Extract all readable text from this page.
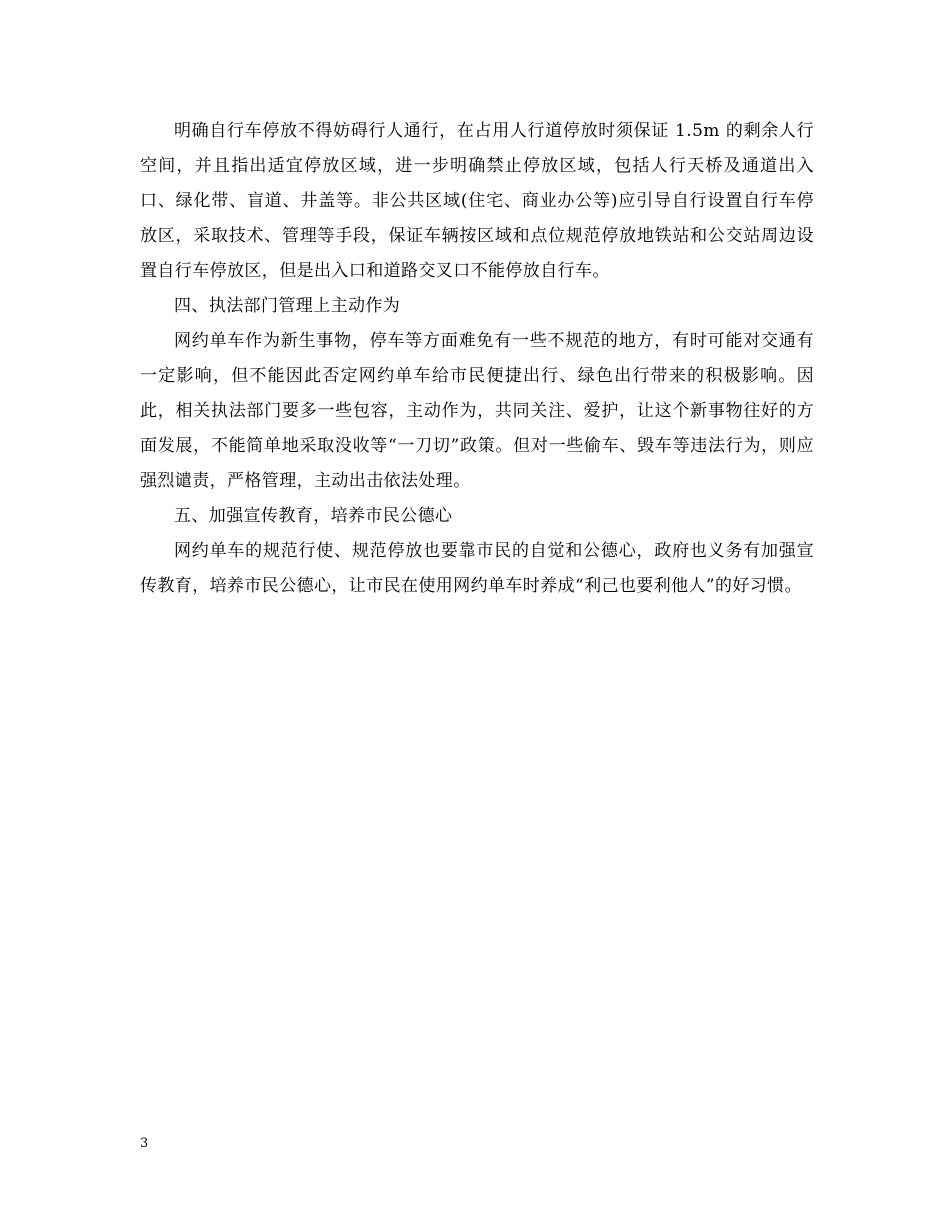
明确自行车停放不得妨碍行人通行，在占用人行道停放时须保证 1.5m 的剩余人行空间，并且指出适宜停放区域，进一步明确禁止停放区域，包括人行天桥及通道出入口、绿化带、盲道、井盖等。非公共区域(住宅、商业办公等)应引导自行设置自行车停放区，采取技术、管理等手段，保证车辆按区域和点位规范停放地铁站和公交站周边设置自行车停放区，但是出入口和道路交叉口不能停放自行车。

四、执法部门管理上主动作为

网约单车作为新生事物，停车等方面难免有一些不规范的地方，有时可能对交通有一定影响，但不能因此否定网约单车给市民便捷出行、绿色出行带来的积极影响。因此，相关执法部门要多一些包容，主动作为，共同关注、爱护，让这个新事物往好的方面发展，不能简单地采取没收等“一刀切”政策。但对一些偷车、毁车等违法行为，则应强烈谴责，严格管理，主动出击依法处理。

五、加强宣传教育，培养市民公德心

网约单车的规范行使、规范停放也要靠市民的自觉和公德心，政府也义务有加强宣传教育，培养市民公德心，让市民在使用网约单车时养成“利己也要利他人”的好习惯。

3
